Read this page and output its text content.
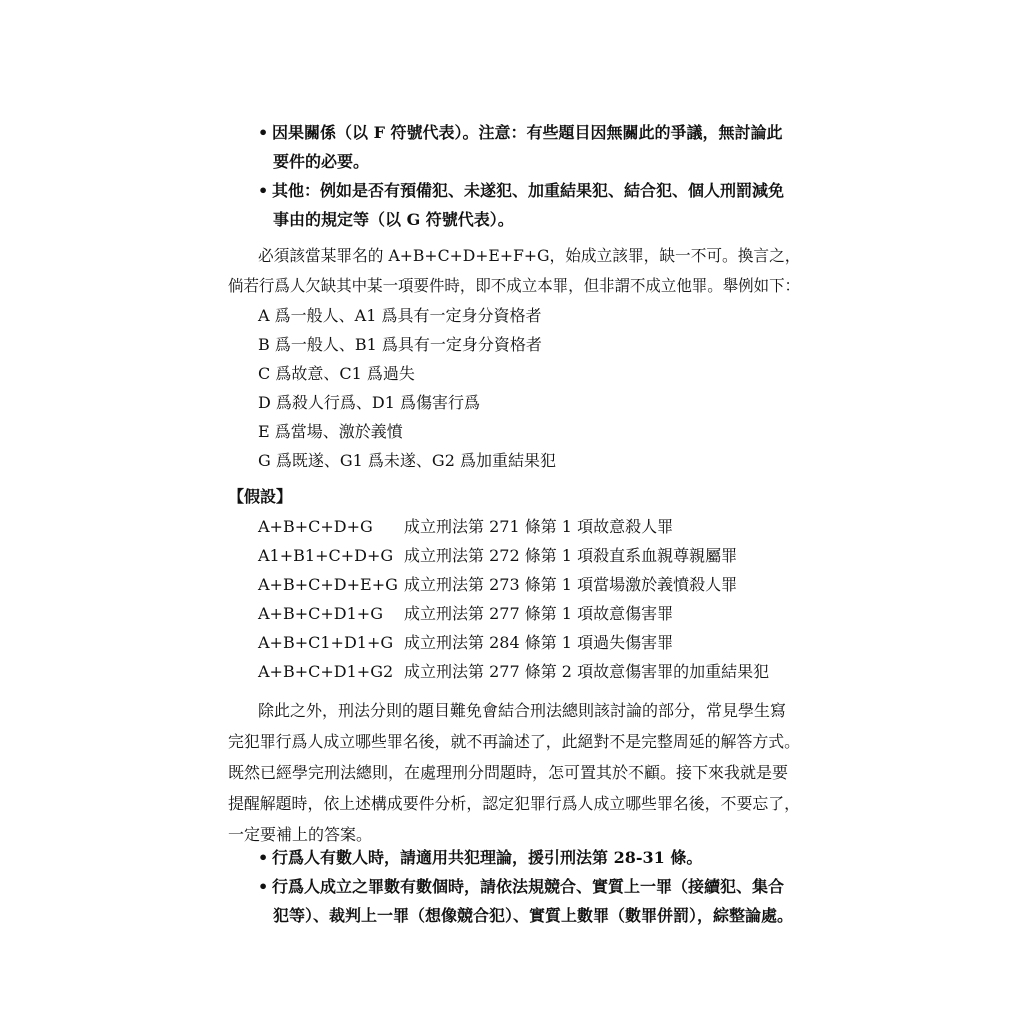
• 因果關係（以 F 符號代表）。注意：有些題目因無關此的爭議，無討論此
要件的必要。
• 其他：例如是否有預備犯、未遂犯、加重結果犯、結合犯、個人刑罰減免
事由的規定等（以 G 符號代表）。
必須該當某罪名的 A+B+C+D+E+F+G，始成立該罪，缺一不可。換言之，
倘若行爲人欠缺其中某一項要件時，即不成立本罪，但非謂不成立他罪。舉例如下：
A 爲一般人、A1 爲具有一定身分資格者
B 爲一般人、B1 爲具有一定身分資格者
C 爲故意、C1 爲過失
D 爲殺人行爲、D1 爲傷害行爲
E 爲當場、激於義憤
G 爲既遂、G1 爲未遂、G2 爲加重結果犯
【假設】
A+B+C+D+G 成立刑法第 271 條第 1 項故意殺人罪
A1+B1+C+D+G 成立刑法第 272 條第 1 項殺直系血親尊親屬罪
A+B+C+D+E+G 成立刑法第 273 條第 1 項當場激於義憤殺人罪
A+B+C+D1+G 成立刑法第 277 條第 1 項故意傷害罪
A+B+C1+D1+G 成立刑法第 284 條第 1 項過失傷害罪
A+B+C+D1+G2 成立刑法第 277 條第 2 項故意傷害罪的加重結果犯
除此之外，刑法分則的題目難免會結合刑法總則該討論的部分，常見學生寫
完犯罪行爲人成立哪些罪名後，就不再論述了，此絕對不是完整周延的解答方式。
既然已經學完刑法總則，在處理刑分問題時，怎可置其於不顧。接下來我就是要
提醒解題時，依上述構成要件分析，認定犯罪行爲人成立哪些罪名後，不要忘了，
一定要補上的答案。
• 行爲人有數人時，請適用共犯理論，援引刑法第 28-31 條。
• 行爲人成立之罪數有數個時，請依法規競合、實質上一罪（接續犯、集合
犯等）、裁判上一罪（想像競合犯）、實質上數罪（數罪併罰），綜整論處。
